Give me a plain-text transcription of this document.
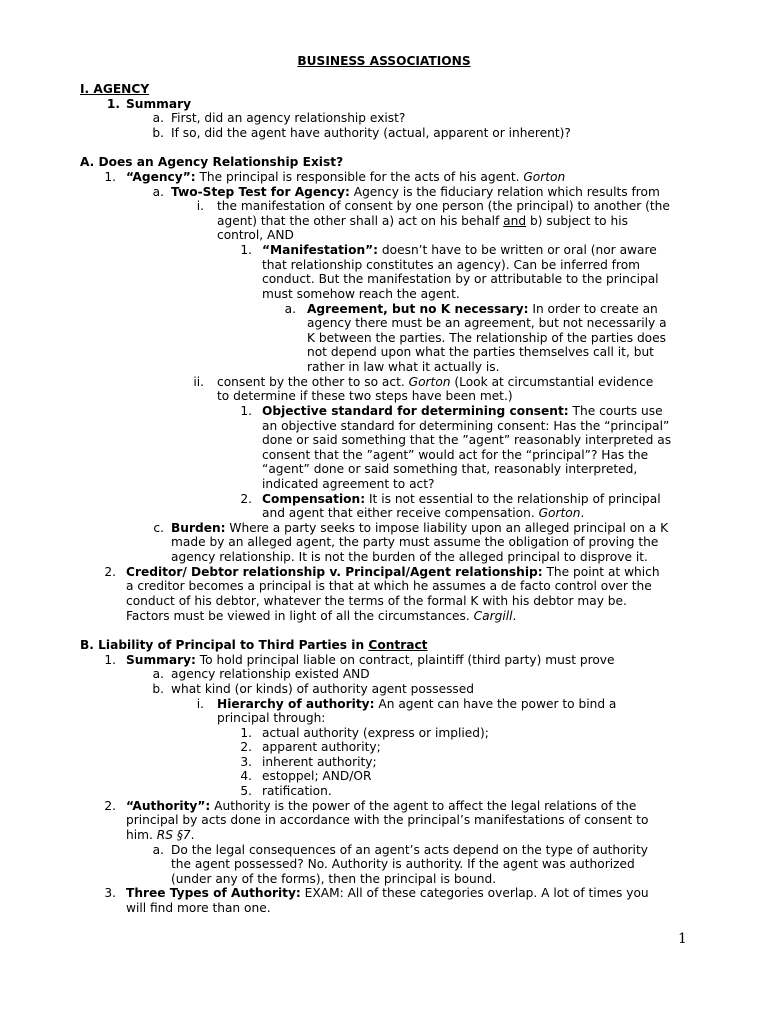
BUSINESS ASSOCIATIONS
I. AGENCY
1. Summary
a. First, did an agency relationship exist?
b. If so, did the agent have authority (actual, apparent or inherent)?
A. Does an Agency Relationship Exist?
1. “Agency”: The principal is responsible for the acts of his agent. Gorton
a. Two-Step Test for Agency: Agency is the fiduciary relation which results from
i. the manifestation of consent by one person (the principal) to another (the
agent) that the other shall a) act on his behalf and b) subject to his
control, AND
1. “Manifestation”: doesn’t have to be written or oral (nor aware
that relationship constitutes an agency). Can be inferred from
conduct. But the manifestation by or attributable to the principal
must somehow reach the agent.
a. Agreement, but no K necessary: In order to create an
agency there must be an agreement, but not necessarily a
K between the parties. The relationship of the parties does
not depend upon what the parties themselves call it, but
rather in law what it actually is.
ii. consent by the other to so act. Gorton (Look at circumstantial evidence
to determine if these two steps have been met.)
1. Objective standard for determining consent: The courts use
an objective standard for determining consent: Has the “principal”
done or said something that the ”agent” reasonably interpreted as
consent that the ”agent” would act for the “principal”? Has the
“agent” done or said something that, reasonably interpreted,
indicated agreement to act?
2. Compensation: It is not essential to the relationship of principal
and agent that either receive compensation. Gorton.
c. Burden: Where a party seeks to impose liability upon an alleged principal on a K
made by an alleged agent, the party must assume the obligation of proving the
agency relationship. It is not the burden of the alleged principal to disprove it.
2. Creditor/ Debtor relationship v. Principal/Agent relationship: The point at which
a creditor becomes a principal is that at which he assumes a de facto control over the
conduct of his debtor, whatever the terms of the formal K with his debtor may be.
Factors must be viewed in light of all the circumstances. Cargill.
B. Liability of Principal to Third Parties in Contract
1. Summary: To hold principal liable on contract, plaintiff (third party) must prove
a. agency relationship existed AND
b. what kind (or kinds) of authority agent possessed
i. Hierarchy of authority: An agent can have the power to bind a
principal through:
1. actual authority (express or implied);
2. apparent authority;
3. inherent authority;
4. estoppel; AND/OR
5. ratification.
2. “Authority”: Authority is the power of the agent to affect the legal relations of the
principal by acts done in accordance with the principal’s manifestations of consent to
him. RS §7.
a. Do the legal consequences of an agent’s acts depend on the type of authority
the agent possessed? No. Authority is authority. If the agent was authorized
(under any of the forms), then the principal is bound.
3. Three Types of Authority: EXAM: All of these categories overlap. A lot of times you
will find more than one.
1
